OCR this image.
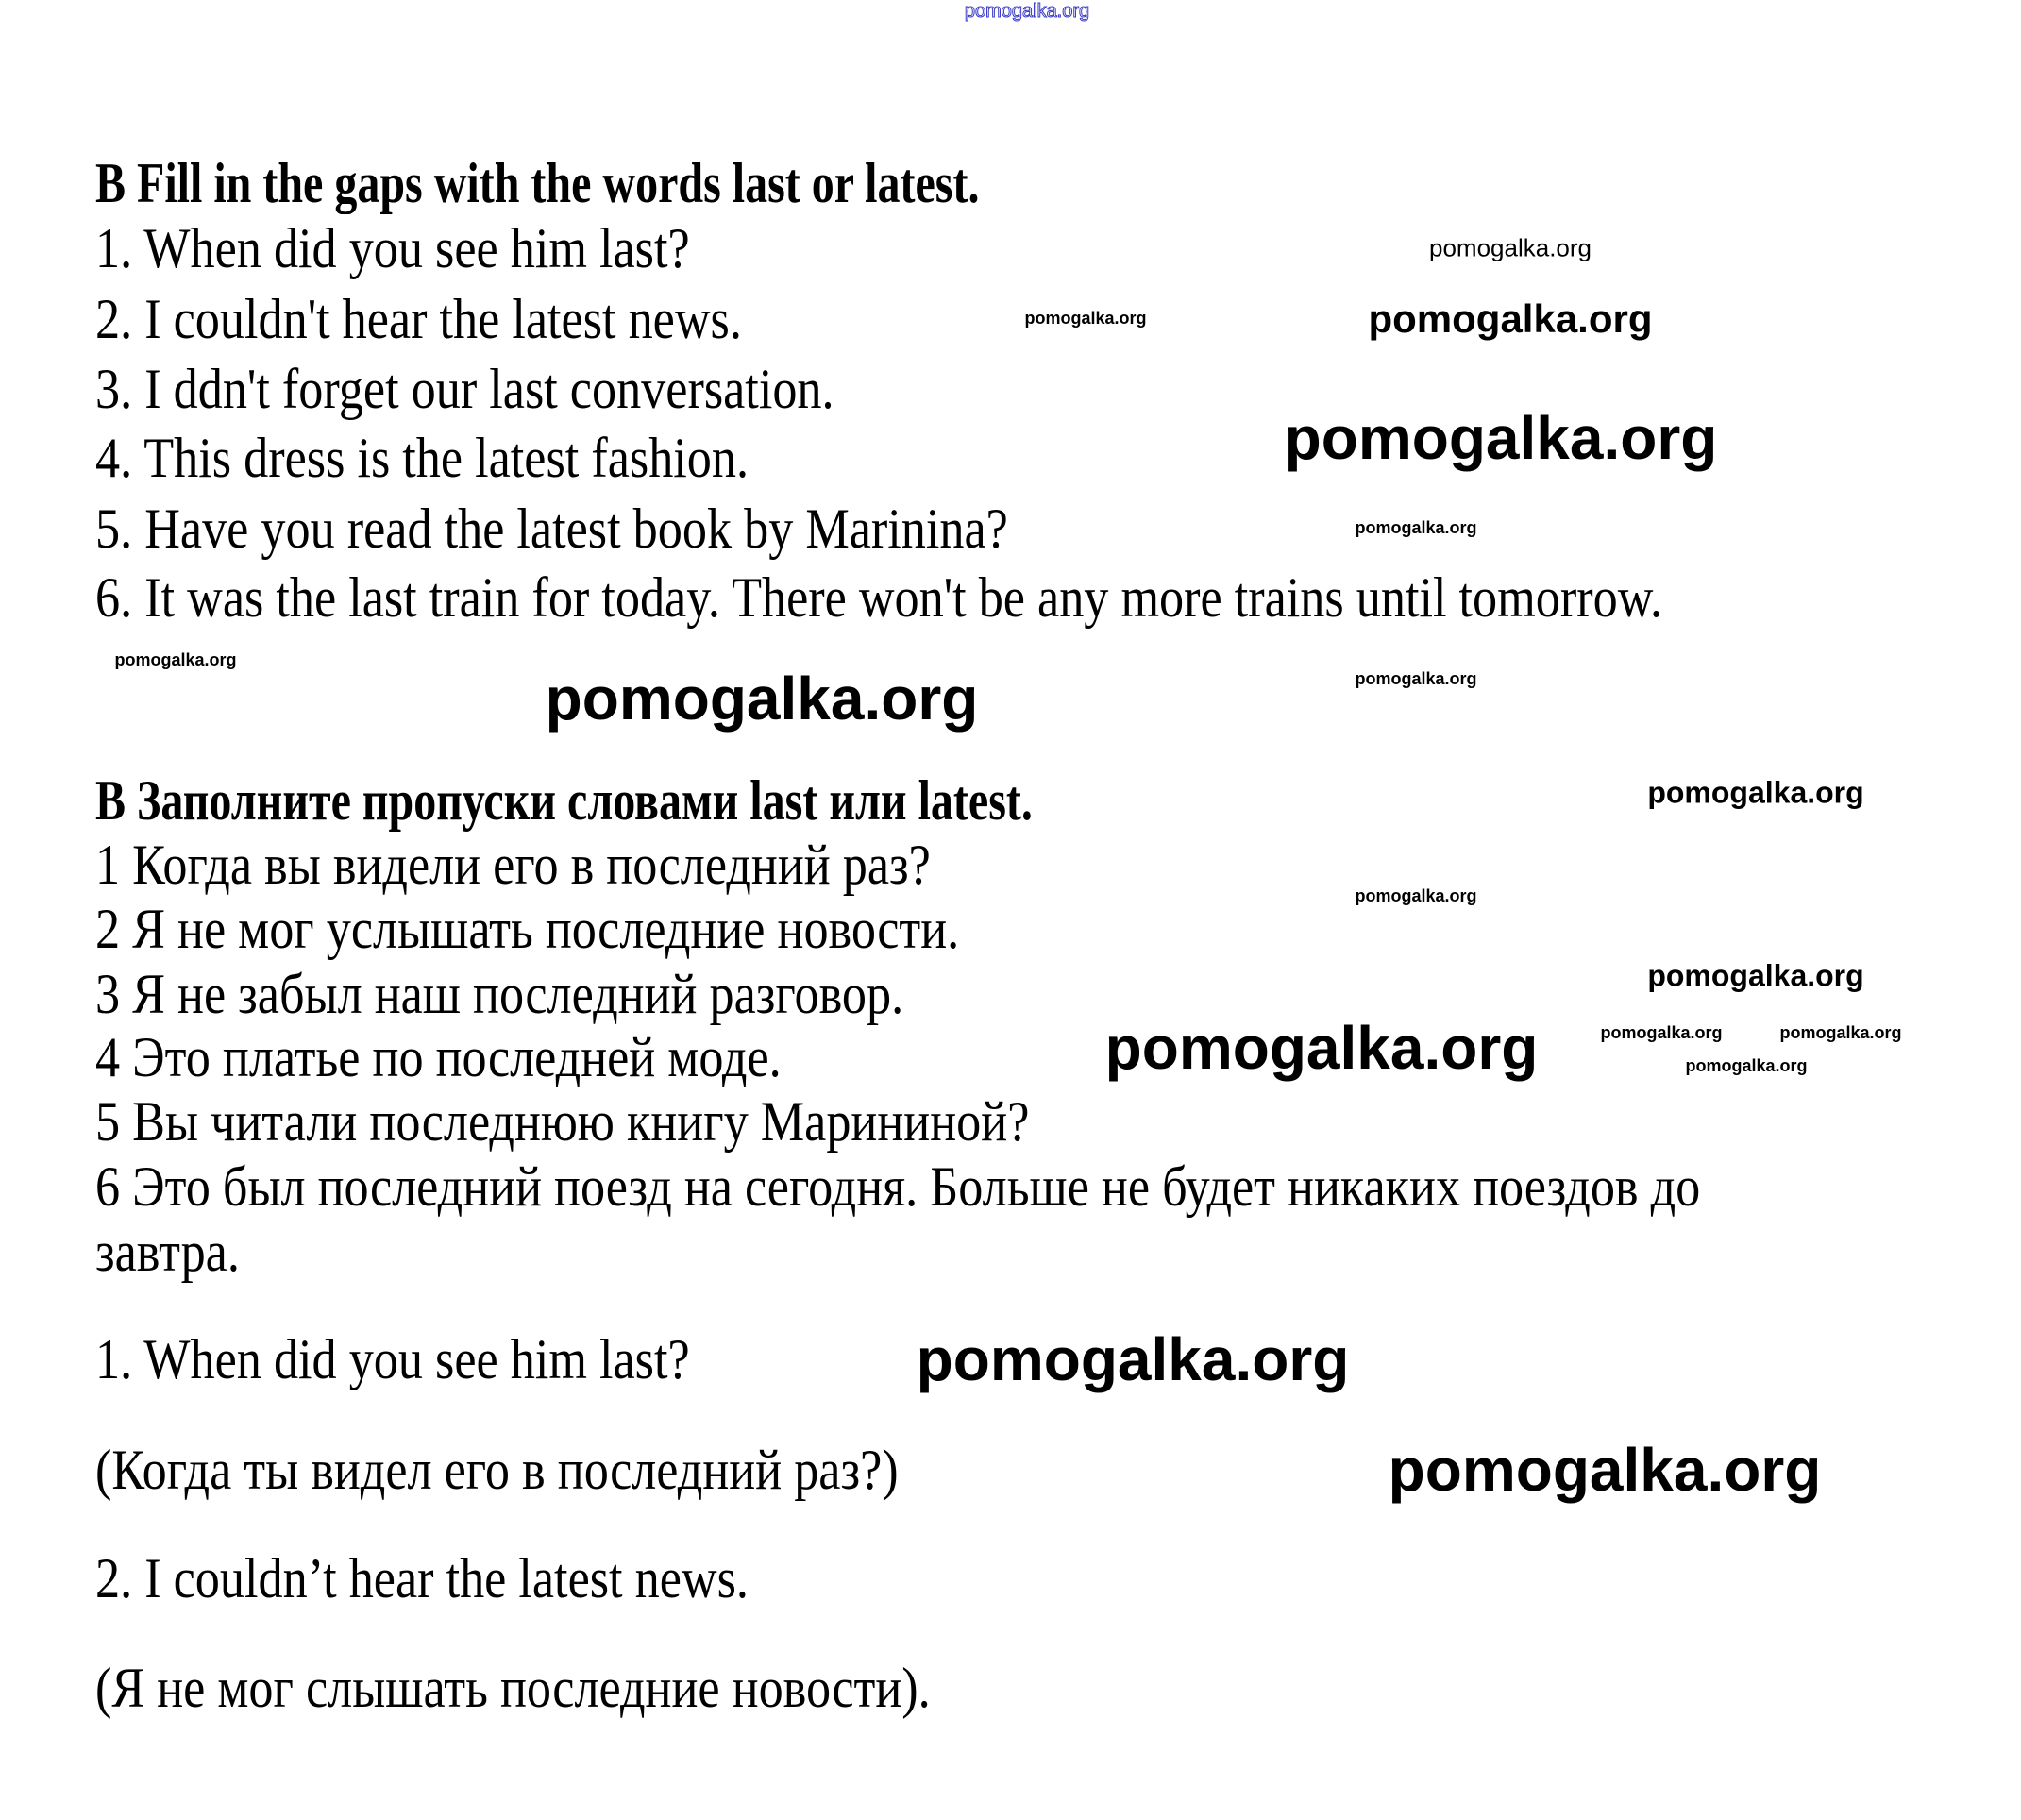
B Fill in the gaps with the words last or latest.
1. When did you see him last?
2. I couldn't hear the latest news.
3. I ddn't forget our last conversation.
4. This dress is the latest fashion.
5. Have you read the latest book by Marinina?
6. It was the last train for today. There won't be any more trains until tomorrow.
В Заполните пропуски словами last или latest.
1 Когда вы видели его в последний раз?
2 Я не мог услышать последние новости.
3 Я не забыл наш последний разговор.
4 Это платье по последней моде.
5 Вы читали последнюю книгу Марининой?
6 Это был последний поезд на сегодня. Больше не будет никаких поездов до
завтра.
1. When did you see him last?
(Когда ты видел его в последний раз?)
2. I couldn’t hear the latest news.
(Я не мог слышать последние новости).
pomogalka.org
pomogalka.org
pomogalka.org
pomogalka.org
pomogalka.org
pomogalka.org
pomogalka.org
pomogalka.org	pomogalka.org
pomogalka.org
pomogalka.org
pomogalka.org
pomogalka.org	pomogalka.org
pomogalka.org
pomogalka.org
pomogalka.org
pomogalka.org
